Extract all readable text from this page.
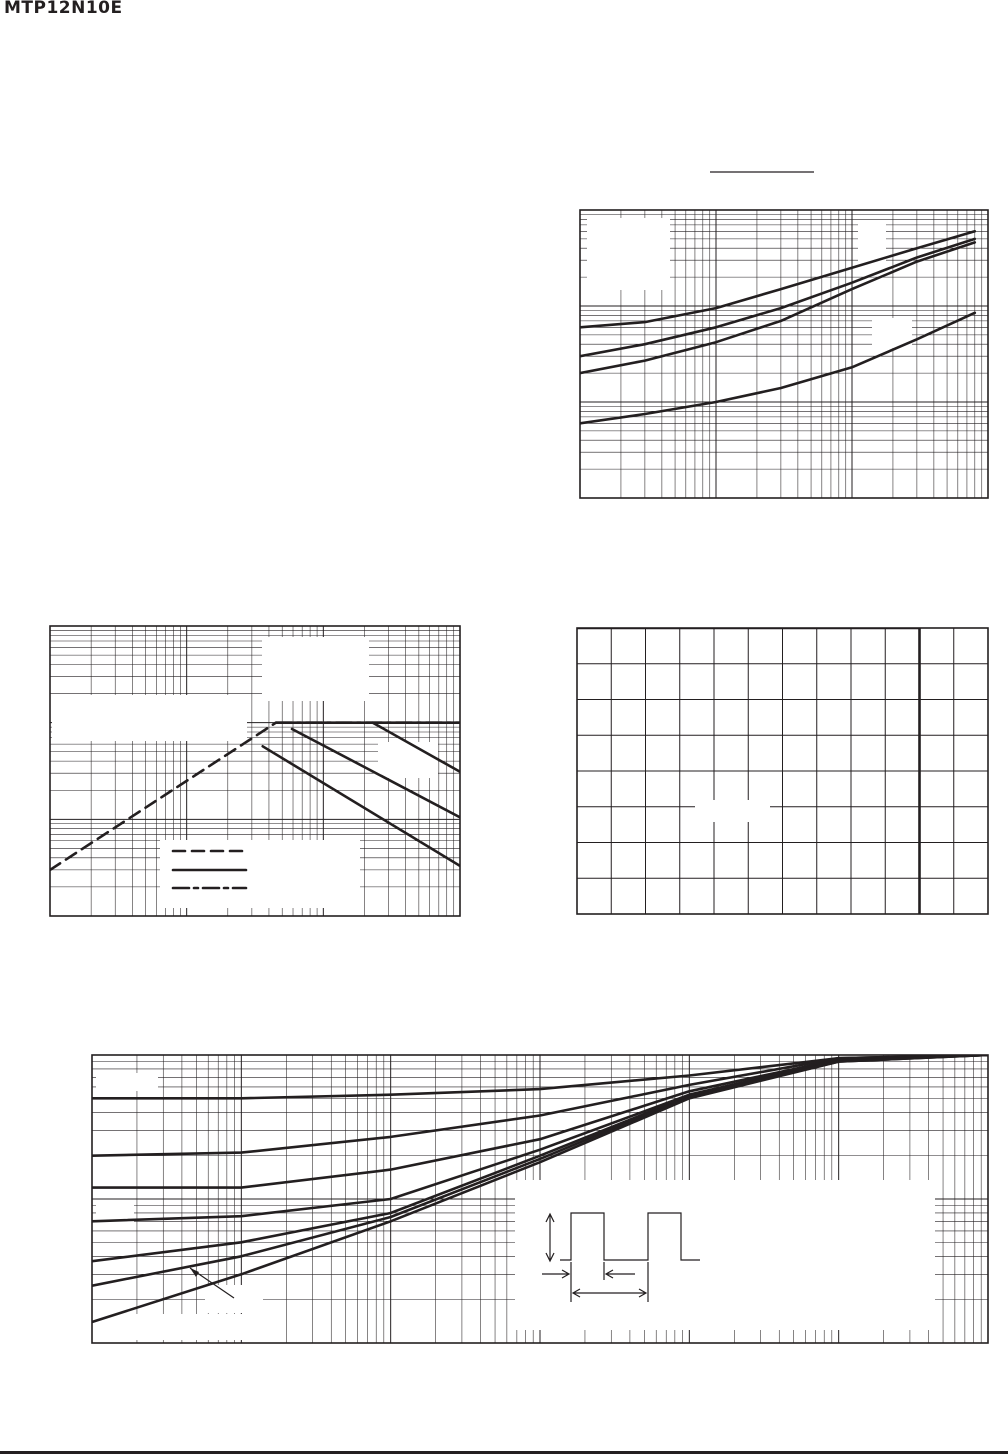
MTP12N10E
